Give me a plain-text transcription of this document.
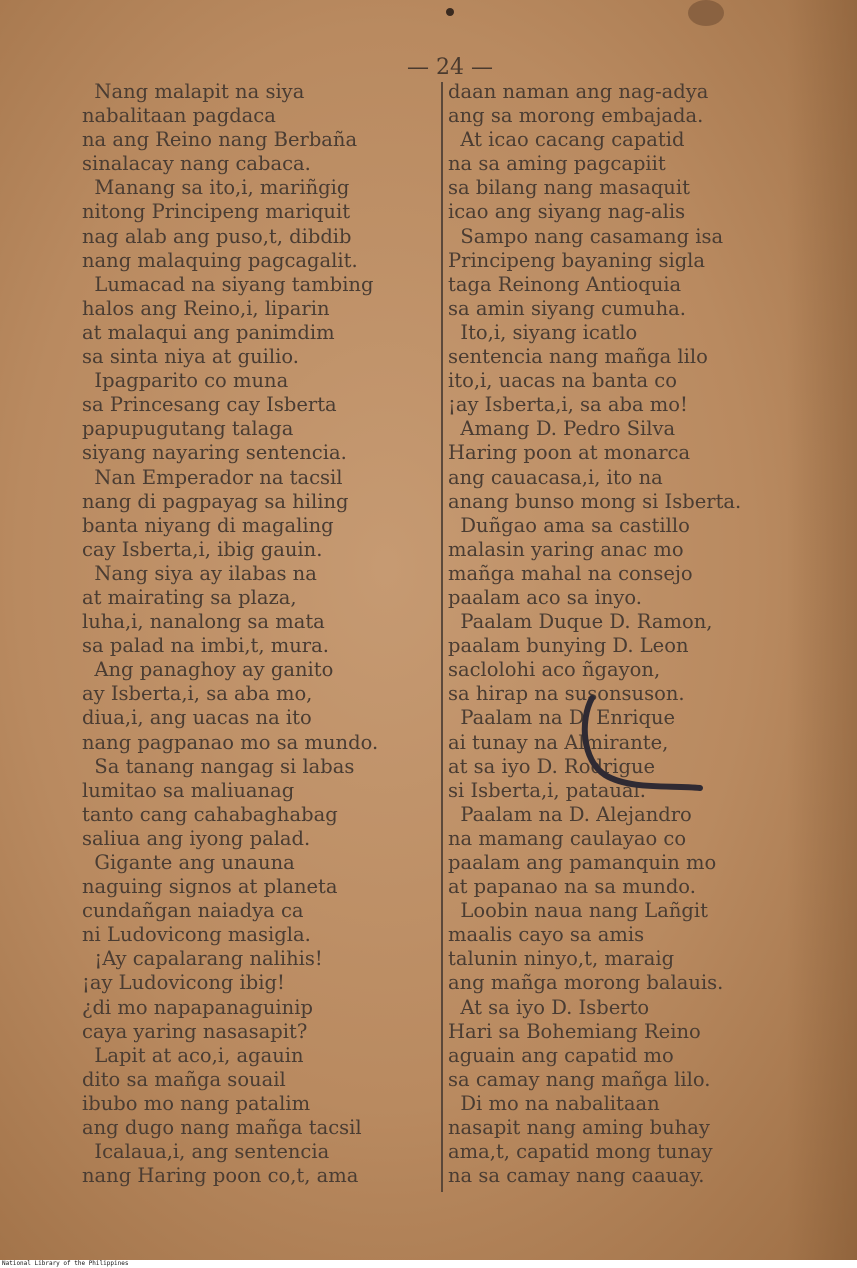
— 24 —
Nang malapit na siya
nabalitaan pagdaca
na ang Reino nang Berbaña
sinalacay nang cabaca.
Manang sa ito,i, mariñgig
nitong Principeng mariquit
nag alab ang puso,t, dibdib
nang malaquing pagcagalit.
Lumacad na siyang tambing
halos ang Reino,i, liparin
at malaqui ang panimdim
sa sinta niya at guilio.
Ipagparito co muna
sa Princesang cay Isberta
papupugutang talaga
siyang nayaring sentencia.
Nan Emperador na tacsil
nang di pagpayag sa hiling
banta niyang di magaling
cay Isberta,i, ibig gauin.
Nang siya ay ilabas na
at mairating sa plaza,
luha,i, nanalong sa mata
sa palad na imbi,t, mura.
Ang panaghoy ay ganito
ay Isberta,i, sa aba mo,
diua,i, ang uacas na ito
nang pagpanao mo sa mundo.
Sa tanang nangag si labas
lumitao sa maliuanag
tanto cang cahabaghabag
saliua ang iyong palad.
Gigante ang unauna
naguing signos at planeta
cundañgan naiadya ca
ni Ludovicong masigla.
¡Ay capalarang nalihis!
¡ay Ludovicong ibig!
¿di mo napapanaguinip
caya yaring nasasapit?
Lapit at aco,i, agauin
dito sa mañga souail
ibubo mo nang patalim
ang dugo nang mañga tacsil
Icalaua,i, ang sentencia
nang Haring poon co,t, ama
daan naman ang nag-adya
ang sa morong embajada.
At icao cacang capatid
na sa aming pagcapiit
sa bilang nang masaquit
icao ang siyang nag-alis
Sampo nang casamang isa
Principeng bayaning sigla
taga Reinong Antioquia
sa amin siyang cumuha.
Ito,i, siyang icatlo
sentencia nang mañga lilo
ito,i, uacas na banta co
¡ay Isberta,i, sa aba mo!
Amang D. Pedro Silva
Haring poon at monarca
ang cauacasa,i, ito na
anang bunso mong si Isberta.
Duñgao ama sa castillo
malasin yaring anac mo
mañga mahal na consejo
paalam aco sa inyo.
Paalam Duque D. Ramon,
paalam bunying D. Leon
saclolohi aco ñgayon,
sa hirap na susonsuson.
Paalam na D. Enrique
ai tunay na Almirante,
at sa iyo D. Rodrigue
si Isberta,i, pataual.
Paalam na D. Alejandro
na mamang caulayao co
paalam ang pamanquin mo
at papanao na sa mundo.
Loobin naua nang Lañgit
maalis cayo sa amis
talunin ninyo,t, maraig
ang mañga morong balauis.
At sa iyo D. Isberto
Hari sa Bohemiang Reino
aguain ang capatid mo
sa camay nang mañga lilo.
Di mo na nabalitaan
nasapit nang aming buhay
ama,t, capatid mong tunay
na sa camay nang caauay.
National Library of the Philippines
